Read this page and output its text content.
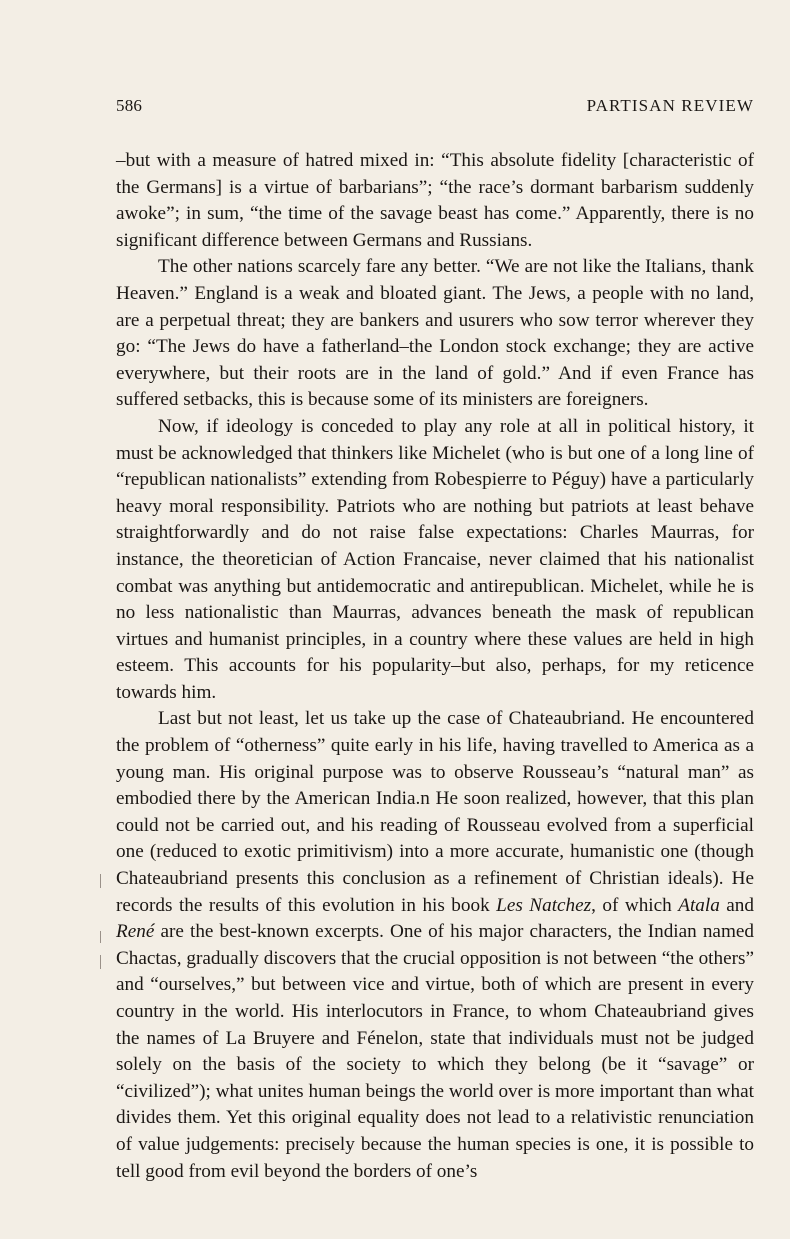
586	PARTISAN REVIEW

–but with a measure of hatred mixed in: “This absolute fidelity [characteristic of the Germans] is a virtue of barbarians”; “the race’s dormant barbarism suddenly awoke”; in sum, “the time of the savage beast has come.” Apparently, there is no significant difference between Germans and Russians.

The other nations scarcely fare any better. “We are not like the Italians, thank Heaven.” England is a weak and bloated giant. The Jews, a people with no land, are a perpetual threat; they are bankers and usurers who sow terror wherever they go: “The Jews do have a fatherland–the London stock exchange; they are active everywhere, but their roots are in the land of gold.” And if even France has suffered setbacks, this is because some of its ministers are foreigners.

Now, if ideology is conceded to play any role at all in political history, it must be acknowledged that thinkers like Michelet (who is but one of a long line of “republican nationalists” extending from Robespierre to Péguy) have a particularly heavy moral responsibility. Patriots who are nothing but patriots at least behave straightforwardly and do not raise false expectations: Charles Maurras, for instance, the theoretician of Action Francaise, never claimed that his nationalist combat was anything but antidemocratic and antirepublican. Michelet, while he is no less nationalistic than Maurras, advances beneath the mask of republican virtues and humanist principles, in a country where these values are held in high esteem. This accounts for his popularity–but also, perhaps, for my reticence towards him.

Last but not least, let us take up the case of Chateaubriand. He encountered the problem of “otherness” quite early in his life, having travelled to America as a young man. His original purpose was to observe Rousseau’s “natural man” as embodied there by the American India.n He soon realized, however, that this plan could not be carried out, and his reading of Rousseau evolved from a superficial one (reduced to exotic primitivism) into a more accurate, humanistic one (though Chateaubriand presents this conclusion as a refinement of Christian ideals). He records the results of this evolution in his book Les Natchez, of which Atala and René are the best-known excerpts. One of his major characters, the Indian named Chactas, gradually discovers that the crucial opposition is not between “the others” and “ourselves,” but between vice and virtue, both of which are present in every country in the world. His interlocutors in France, to whom Chateaubriand gives the names of La Bruyere and Fénelon, state that individuals must not be judged solely on the basis of the society to which they belong (be it “savage” or “civilized”); what unites human beings the world over is more important than what divides them. Yet this original equality does not lead to a relativistic renunciation of value judgements: precisely because the human species is one, it is possible to tell good from evil beyond the borders of one’s
